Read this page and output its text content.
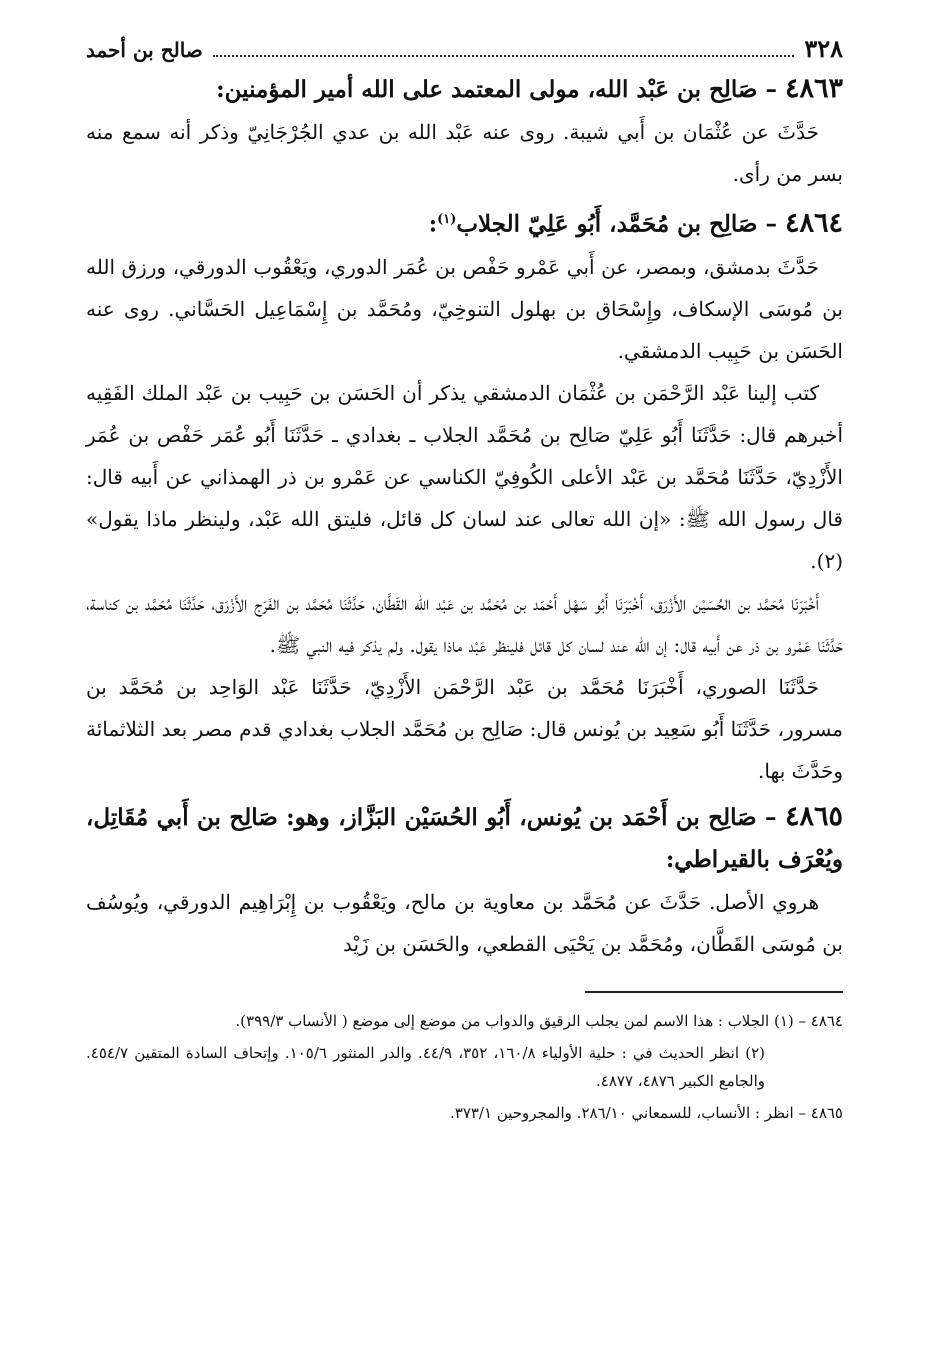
٣٢٨
صالح بن أحمد

٤٨٦٣ – صَالِح بن عَبْد الله، مولى المعتمد على الله أمير المؤمنين:

حَدَّثَ عن عُثْمَان بن أَبي شيبة. روى عنه عَبْد الله بن عدي الجُرْجَانِيّ وذكر أنه سمع منه بسر من رأى.

٤٨٦٤ – صَالِح بن مُحَمَّد، أَبُو عَلِيّ الجلاب$^{(١)}$:

حَدَّثَ بدمشق، وبمصر، عن أَبي عَمْرو حَفْص بن عُمَر الدوري، ويَعْقُوب الدورقي، ورزق الله بن مُوسَى الإسكاف، وإِسْحَاق بن بهلول التنوخِيّ، ومُحَمَّد بن إِسْمَاعِيل الحَسَّاني. روى عنه الحَسَن بن حَبِيب الدمشقي.

كتب إلينا عَبْد الرَّحْمَن بن عُثْمَان الدمشقي يذكر أن الحَسَن بن حَبِيب بن عَبْد الملك الفَقِيه أخبرهم قال: حَدَّثَنَا أَبُو عَلِيّ صَالِح بن مُحَمَّد الجلاب ـ بغدادي ـ حَدَّثَنَا أَبُو عُمَر حَفْص بن عُمَر الأَزْدِيّ، حَدَّثَنَا مُحَمَّد بن عَبْد الأعلى الكُوفِيّ الكناسي عن عَمْرو بن ذر الهمذاني عن أَبيه قال: قال رسول الله ﷺ: «إن الله تعالى عند لسان كل قائل، فليتق الله عَبْد، ولينظر ماذا يقول» (٢).

أَخْبَرَنَا مُحَمَّد بن الحُسَيْن الأَزْرَق، أَخْبَرَنَا أَبُو سَهْل أَحْمَد بن مُحَمَّد بن عَبْد الله القَطَّان، حَدَّثَنَا مُحَمَّد بن الفَرَج الأَزْرَق، حَدَّثَنَا مُحَمَّد بن كناسة، حَدَّثَنَا عَمْرو بن ذر عن أَبيه قال: إن الله عند لسان كل قائل فلينظر عَبْد ماذا يقول. ولم يذكر فيه النبي ﷺ.

حَدَّثَنَا الصوري، أَخْبَرَنَا مُحَمَّد بن عَبْد الرَّحْمَن الأَزْدِيّ، حَدَّثَنَا عَبْد الوَاحِد بن مُحَمَّد بن مسرور، حَدَّثَنَا أَبُو سَعِيد بن يُونس قال: صَالِح بن مُحَمَّد الجلاب بغدادي قدم مصر بعد الثلاثمائة وحَدَّثَ بها.

٤٨٦٥ – صَالِح بن أَحْمَد بن يُونس، أَبُو الحُسَيْن البَزَّاز، وهو: صَالِح بن أَبي مُقَاتِل، ويُعْرَف بالقيراطي:

هروي الأصل. حَدَّثَ عن مُحَمَّد بن معاوية بن مالح، ويَعْقُوب بن إِبْرَاهِيم الدورقي، ويُوسُف بن مُوسَى القَطَّان، ومُحَمَّد بن يَحْيَى القطعي، والحَسَن بن زَيْد

٤٨٦٤ – (١) الجلاب : هذا الاسم لمن يجلب الرقيق والدواب من موضع إلى موضع ( الأنساب ٣٩٩/٣).

(٢) انظر الحديث في : حلية الأولياء ١٦٠/٨، ٣٥٢، ٤٤/٩. والدر المنثور ١٠٥/٦. وإتحاف السادة المتقين ٤٥٤/٧. والجامع الكبير ٤٨٧٦، ٤٨٧٧.

٤٨٦٥ – انظر : الأنساب، للسمعاني ٢٨٦/١٠. والمجروحين ٣٧٣/١.
